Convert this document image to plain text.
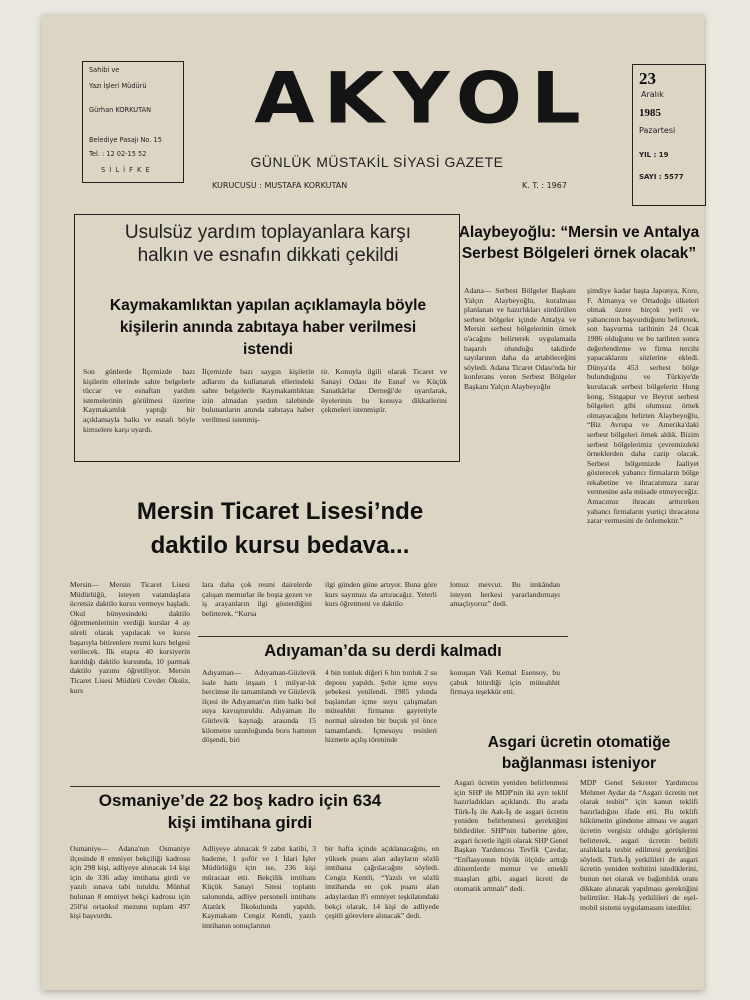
Sahibi ve
Yazı İşleri Müdürü
Gürhan KORKUTAN
Belediye Pasajı No. 15
Tel. : 12 02-15 52
S İ L İ F K E
AKYOL
GÜNLÜK MÜSTAKİL SİYASİ GAZETE
KURUCUSU : MUSTAFA KORKUTAN	K. T. : 1967
23
Aralık
1985
Pazartesi
YIL : 19
SAYI : 5577
Usulsüz yardım toplayanlara karşı halkın ve esnafın dikkati çekildi
Kaymakamlıktan yapılan açıklamayla böyle kişilerin anında zabıtaya haber verilmesi istendi
Son günlerde İlçemizde bazı kişilerin ellerinde sahte belgelerle tüccar ve esnaftan yardım istemelerinin görülmesi üzerine Kaymakamlık yaptığı bir açıklamayla halkı ve esnafı böyle kimselere karşı uyardı.
İlçemizde bazı saygın kişilerin adlarını da kullanarak ellerindeki sahte belgelerle Kaymakamlıktan izin almadan yardım talebinde bulunanların anında zabıtaya haber verilmesi istenmiş-
tir. Konuyla ilgili olarak Ticaret ve Sanayi Odası ile Esnaf ve Küçük Sanatkârlar Derneği'de uyarılarak, üyelerinin bu konuya dikkatlerini çekmeleri istenmiştir.
Alaybeyoğlu: “Mersin ve Antalya Serbest Bölgeleri örnek olacak”
Adana— Serbest Bölgeler Başkanı Yalçın Alaybeyoğlu, kuralması planlanan ve hazırlıkları sürdürülen serbest bölgeler içinde Antalya ve Mersin serbest bölgelerinin örnek o'acağını belirterek uygulamada başarılı olunduğu takdirde sayılarının daha da artabileceğini söyledi. Adana Ticaret Odası'nda bir konferans veren Serbest Bölgeler Başkanı Yalçın Alaybeyoğlu
şimdiye kadar başta Japonya, Kore, F. Almanya ve Ortadoğu ülkeleri olmak üzere birçok yerli ve yabancının başvurduğunu belirterek, son başvurma tarihinin 24 Ocak 1986 olduğunu ve bu tarihten sonra değerlendirme ve firma tercihi yapacaklarını sözlerine ekledi. Dünya'da 453 serbest bölge bulunduğunu ve Türkiye'de kurulacak serbest bölgelerin Hong kong, Singapur ve Beyrut serbest bölgeleri gibi olumsuz örnek olmayacağını belirten Alaybeyoğlu, “Biz Avrupa ve Amerika'daki serbest bölgeleri örnek aldık. Bizim serbest bölgelerimiz çevremizdeki örneklerden daha cazip olacak. Serbest bölgemizde faaliyet gösterecek yabancı firmaların bölge rekabetine ve ihracatımıza zarar vermesine asla müsade etmeyeceğiz. Amacımız ihracatı arttırırken yabancı firmaların yurtiçi ihracatına zarar vermesini de önlemektir.”
Mersin Ticaret Lisesi’nde
daktilo kursu bedava...
Mersin— Mersin Ticaret Lisesi Müdürlüğü, isteyen vatandaşlara ücretsiz daktilo kursu vermeye başladı. Okul bünyesindeki daktilo öğretmenlerinin verdiği kurslar 4 ay süreli olarak yapılacak ve kursu başarıyla bitirenlere resmi kurs belgesi verilecek. İlk etapta 40 kursiyerin katıldığı daktilo kursunda, 10 parmak daktilo yazımı öğretiliyor. Mersin Ticaret Lisesi Müdürü Cevdet Öksüz, kurs
lara daha çok resmi dairelerde çalışan memurlar ile boşta gezen ve iş arayanların ilgi gösterdiğini belirterek, “Kursa
ilgi günden güne artıyor. Buna göre kurs sayımızı da artıracağız. Yeterli kurs öğretmeni ve daktilo
lomuz mevcut. Bu imkândan isteyen herkesi yararlandırmayı amaçlıyoruz” dedi.
Adıyaman’da su derdi kalmadı
Adıyaman— Adıyaman-Güzlevik isale hattı inşaatı 1 milyar-lık hercimse ile tamamlandı ve Güzlevik ilçesi ile Adıyaman'ın tüm halkı bol suya kavuşturuldu. Adıyaman ile Gürlevik kaynağı arasında 15 kilometre uzunluğunda boru hattının döşendi, biri
4 bin tonluk diğeri 6 bin tonluk 2 su deposu yapıldı. Şehir içme suyu şebekesi yenilendi. 1985 yılında başlanılan içme suyu çalışmaları müteahhit firmanın gayretiyle normal süreden bir buçuk yıl önce tamamlandı. İçmesuyu tesisleri hizmete açılış töreninde
konuşan Vali Kemal Esensoy, bu çabuk bitirdiği için müteahhit firmaya teşekkür etti.
Asgari ücretin otomatiğe bağlanması isteniyor
Asgari ücretin yeniden belirlenmesi için SHP ile MDP'nin iki ayrı teklif hazırladıkları açıklandı. Bu arada Türk-İş ile Aak-İş de asgari ücretin yeniden belirlenmesi gerektiğini bildirdiler. SHP'nin haberine göre, asgari ücretle ilgili olarak SHP Genel Başkan Yardımcısı Tevfik Çavdar, “Enflasyonun büyük ölçüde arttığı dönemlerde memur ve emekli maaşları gibi, asgari ücreti de otomatik artmalı” dedi.
MDP Genel Sekreter Yardımcısı Mehmet Aydar da “Asgari ücretin net olarak tesbiti” için kanun teklifi hazırladığını ifade etti. Bu teklifi hükümetin gündeme alması ve asgari ücretin vergisiz olduğu görüşlerini belirterek, asgari ücretin belirli aralıklarla tesbit edilmesi gerektiğini söyledi. Türk-İş yetkilileri de asgari ücretin yeniden tesbitini istediklerini, bunun net olarak ve bağımlılık oranı dikkate alınarak yapılması gerektiğini belirttiler. Hak-İş yetkilileri de eşel-mobil sistemi uygulamasını istediler.
Osmaniye’de 22 boş kadro için 634 kişi imtihana girdi
Osmaniye— Adana'nın Osmaniye ilçesinde 8 emniyet bekçiliği kadrosu için 298 kişi, adliyeye alınacak 14 kişi için de 336 aday imtihana girdi ve yazılı sınava tabi tutuldu. Münhal bulunan 8 emniyet bekçi kadrosu için 250'si ortaokul mezunu toplam 497 kişi başvurdu.
Adliyeye alınacak 9 zabıt katibi, 3 hademe, 1 şoför ve 1 İdari İşler Müdürlüğü için ise, 236 kişi müracaat etti. Bekçilik imtihanı Küçük Sanayi Sitesi toplantı salonunda, adliye personeli imtihanı Atatürk İlkokulunda yapıldı. Kaymakam Cengiz Kentli, yazılı imtihanın sonuçlarının
bir hafta içinde açıklanacağını, en yüksek puanı alan adayların sözlü imtihana çağrılacağını söyledi. Cengiz Kentli, “Yazılı ve sözlü imtihanda en çok puanı alan adaylardan 8'i emniyet teşkilatındaki bekçi olarak, 14 kişi de adliyede çeşitli görevlere alınacak” dedi.
